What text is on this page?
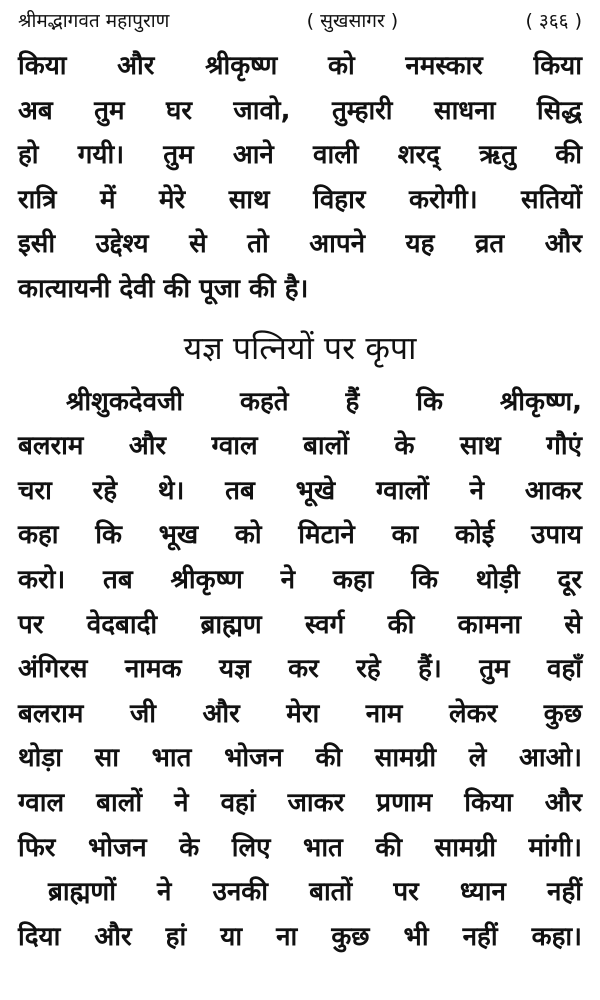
श्रीमद्भागवत महापुराण	( सुखसागर )	( ३६६ )
किया और श्रीकृष्ण को नमस्कार किया
अब तुम घर जावो, तुम्हारी साधना सिद्ध
हो गयी। तुम आने वाली शरद् ऋतु की
रात्रि में मेरे साथ विहार करोगी। सतियों
इसी उद्देश्य से तो आपने यह व्रत और
कात्यायनी देवी की पूजा की है।
यज्ञ पत्नियों पर कृपा
श्रीशुकदेवजी कहते हैं कि श्रीकृष्ण,
बलराम और ग्वाल बालों के साथ गौएं
चरा रहे थे। तब भूखे ग्वालों ने आकर
कहा कि भूख को मिटाने का कोई उपाय
करो। तब श्रीकृष्ण ने कहा कि थोड़ी दूर
पर वेदबादी ब्राह्मण स्वर्ग की कामना से
अंगिरस नामक यज्ञ कर रहे हैं। तुम वहाँ
बलराम जी और मेरा नाम लेकर कुछ
थोड़ा सा भात भोजन की सामग्री ले आओ।
ग्वाल बालों ने वहां जाकर प्रणाम किया और
फिर भोजन के लिए भात की सामग्री मांगी।
ब्राह्मणों ने उनकी बातों पर ध्यान नहीं
दिया और हां या ना कुछ भी नहीं कहा।
